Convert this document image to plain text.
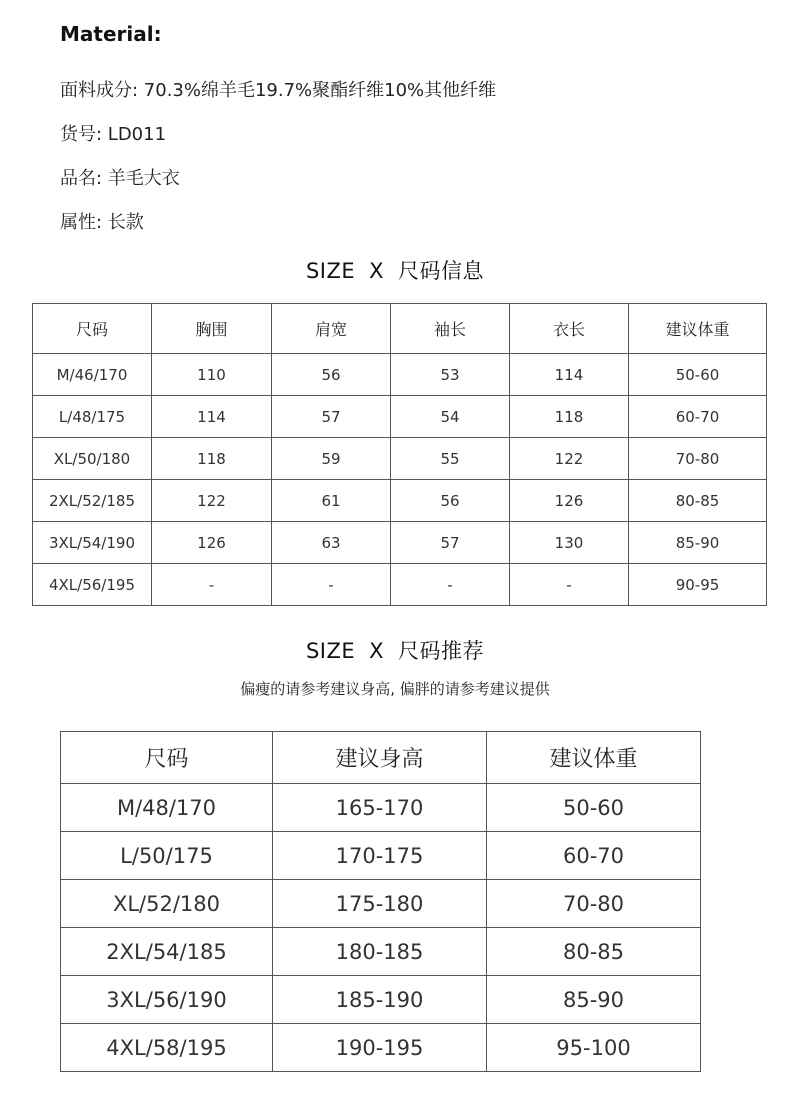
Material:
面料成分: 70.3%绵羊毛19.7%聚酯纤维10%其他纤维
货号: LD011
品名: 羊毛大衣
属性: 长款
SIZE X 尺码信息
尺码	胸围	肩宽	袖长	衣长	建议体重
M/46/170	110	56	53	114	50-60
L/48/175	114	57	54	118	60-70
XL/50/180	118	59	55	122	70-80
2XL/52/185	122	61	56	126	80-85
3XL/54/190	126	63	57	130	85-90
4XL/56/195	-	-	-	-	90-95
SIZE X 尺码推荐
偏瘦的请参考建议身高, 偏胖的请参考建议提供
尺码	建议身高	建议体重
M/48/170	165-170	50-60
L/50/175	170-175	60-70
XL/52/180	175-180	70-80
2XL/54/185	180-185	80-85
3XL/56/190	185-190	85-90
4XL/58/195	190-195	95-100
